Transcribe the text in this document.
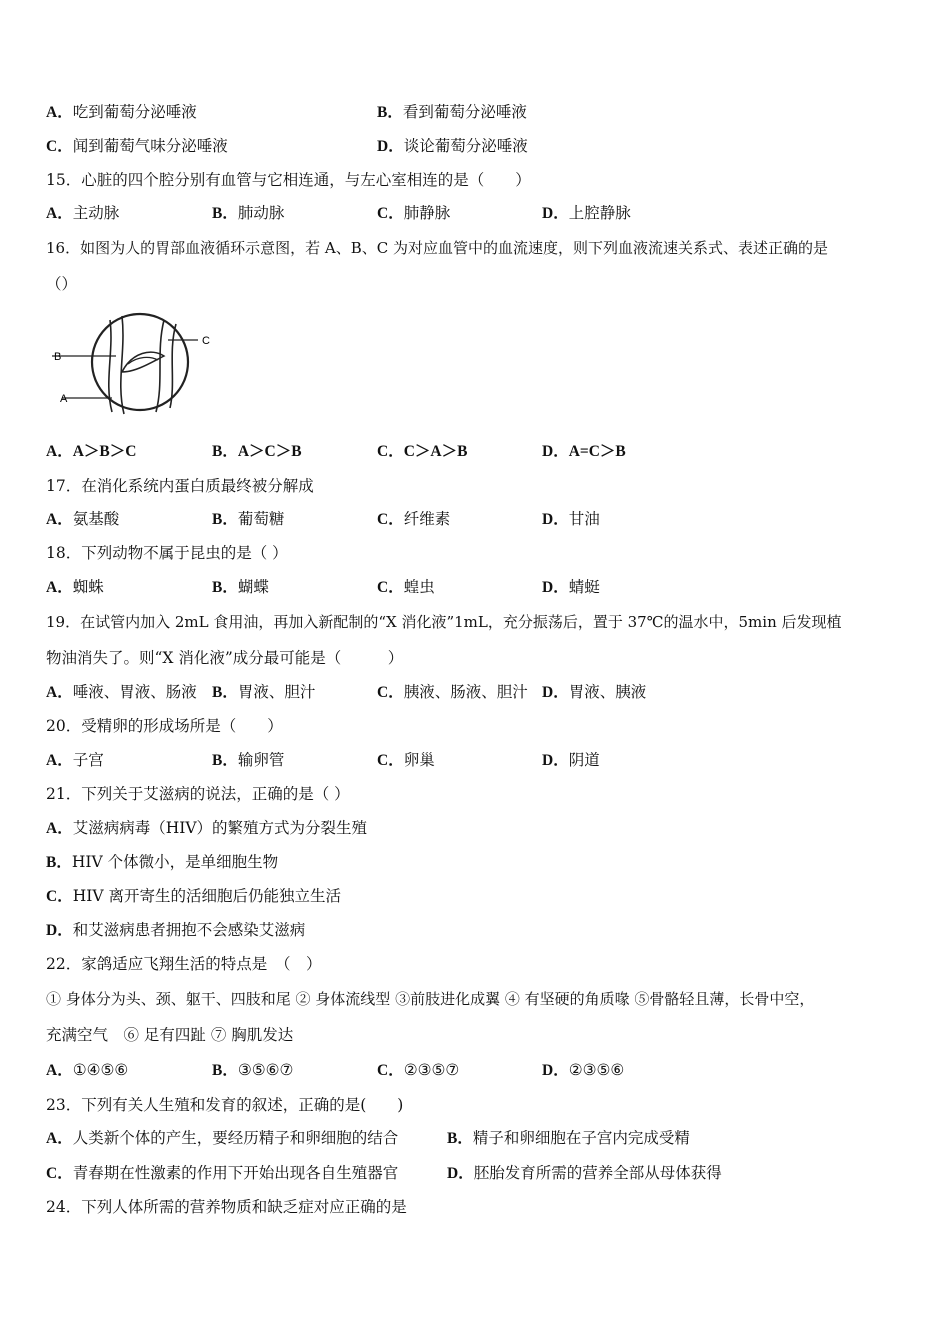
A．吃到葡萄分泌唾液	B．看到葡萄分泌唾液
C．闻到葡萄气味分泌唾液	D．谈论葡萄分泌唾液
15．心脏的四个腔分别有血管与它相连通，与左心室相连的是（　　）
A．主动脉	B．肺动脉	C．肺静脉	D．上腔静脉
16．如图为人的胃部血液循环示意图，若 A、B、C 为对应血管中的血流速度，则下列血液流速关系式、表述正确的是
（）
B
A
C
A．A＞B＞C	B．A＞C＞B	C．C＞A＞B	D．A=C＞B
17．在消化系统内蛋白质最终被分解成
A．氨基酸	B．葡萄糖	C．纤维素	D．甘油
18．下列动物不属于昆虫的是（ ）
A．蜘蛛	B．蝴蝶	C．蝗虫	D．蜻蜓
19．在试管内加入 2mL 食用油，再加入新配制的“X 消化液”1mL，充分振荡后，置于 37℃的温水中，5min 后发现植
物油消失了。则“X 消化液”成分最可能是（　　　）
A．唾液、胃液、肠液 B．胃液、胆汁	C．胰液、肠液、胆汁 D．胃液、胰液
20．受精卵的形成场所是（　　）
A．子宫	B．输卵管	C．卵巢	D．阴道
21．下列关于艾滋病的说法，正确的是（ ）
A．艾滋病病毒（HIV）的繁殖方式为分裂生殖
B．HIV 个体微小，是单细胞生物
C．HIV 离开寄生的活细胞后仍能独立生活
D．和艾滋病患者拥抱不会感染艾滋病
22．家鸽适应飞翔生活的特点是　（　）
① 身体分为头、颈、躯干、四肢和尾 ② 身体流线型 ③前肢进化成翼 ④ 有坚硬的角质喙 ⑤骨骼轻且薄，长骨中空，
充满空气　⑥ 足有四趾 ⑦ 胸肌发达
A．①④⑤⑥	B．③⑤⑥⑦	C．②③⑤⑦	D．②③⑤⑥
23．下列有关人生殖和发育的叙述，正确的是(　　)
A．人类新个体的产生，要经历精子和卵细胞的结合	B．精子和卵细胞在子宫内完成受精
C．青春期在性激素的作用下开始出现各自生殖器官	D．胚胎发育所需的营养全部从母体获得
24．下列人体所需的营养物质和缺乏症对应正确的是
